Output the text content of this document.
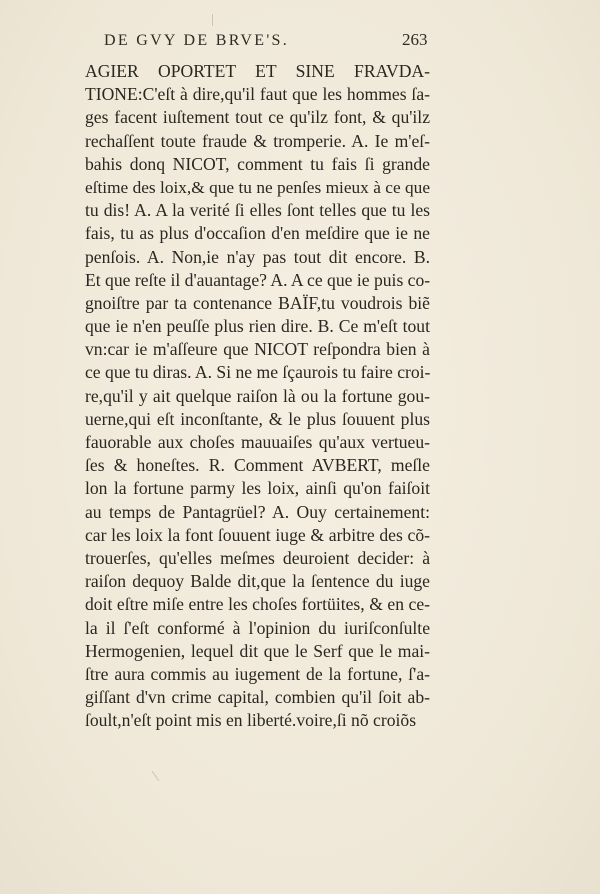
DE GVY DE BRVE'S.	263
AGIER OPORTET ET SINE FRAVDA-
TIONE:C'eſt à dire,qu'il faut que les hommes ſa-
ges facent iuſtement tout ce qu'ilz font, & qu'ilz
rechaſſent toute fraude & tromperie. A. Ie m'eſ-
bahis donq NICOT, comment tu fais ſi grande
eſtime des loix,& que tu ne penſes mieux à ce que
tu dis! A. A la verité ſi elles ſont telles que tu les
fais, tu as plus d'occaſion d'en meſdire que ie ne
penſois. A. Non,ie n'ay pas tout dit encore. B.
Et que reſte il d'auantage? A. A ce que ie puis co-
gnoiſtre par ta contenance BAÏF,tu voudrois biẽ
que ie n'en peuſſe plus rien dire. B. Ce m'eſt tout
vn:car ie m'aſſeure que NICOT reſpondra bien à
ce que tu diras. A. Si ne me ſçaurois tu faire croi-
re,qu'il y ait quelque raiſon là ou la fortune gou-
uerne,qui eſt inconſtante, & le plus ſouuent plus
fauorable aux choſes mauuaiſes qu'aux vertueu-
ſes & honeſtes. R. Comment AVBERT, meſle
lon la fortune parmy les loix, ainſi qu'on faiſoit
au temps de Pantagrüel? A. Ouy certainement:
car les loix la font ſouuent iuge & arbitre des cõ-
trouerſes, qu'elles meſmes deuroient decider: à
raiſon dequoy Balde dit,que la ſentence du iuge
doit eſtre miſe entre les choſes fortüites, & en ce-
la il ſ'eſt conformé à l'opinion du iuriſconſulte
Hermogenien, lequel dit que le Serf que le mai-
ſtre aura commis au iugement de la fortune, ſ'a-
giſſant d'vn crime capital, combien qu'il ſoit ab-
ſoult,n'eſt point mis en liberté.voire,ſi nõ croiõs
